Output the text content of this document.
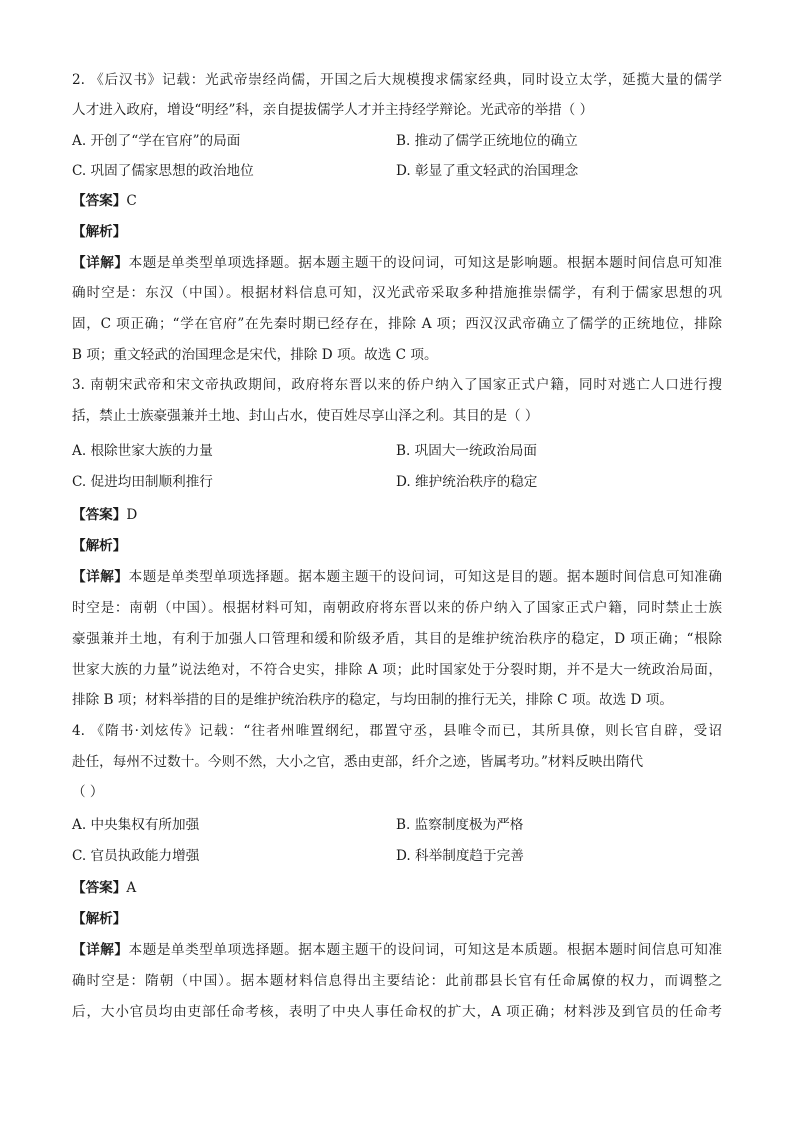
2. 《后汉书》记载：光武帝崇经尚儒，开国之后大规模搜求儒家经典，同时设立太学，延揽大量的儒学
人才进入政府，增设“明经”科，亲自提拔儒学人才并主持经学辩论。光武帝的举措（ ）
A. 开创了“学在官府”的局面	B. 推动了儒学正统地位的确立
C. 巩固了儒家思想的政治地位	D. 彰显了重文轻武的治国理念
【答案】C
【解析】
【详解】本题是单类型单项选择题。据本题主题干的设问词，可知这是影响题。根据本题时间信息可知准
确时空是：东汉（中国）。根据材料信息可知，汉光武帝采取多种措施推崇儒学，有利于儒家思想的巩
固，C 项正确；“学在官府”在先秦时期已经存在，排除 A 项；西汉汉武帝确立了儒学的正统地位，排除
B 项；重文轻武的治国理念是宋代，排除 D 项。故选 C 项。
3. 南朝宋武帝和宋文帝执政期间，政府将东晋以来的侨户纳入了国家正式户籍，同时对逃亡人口进行搜
括，禁止士族豪强兼并土地、封山占水，使百姓尽享山泽之利。其目的是（ ）
A. 根除世家大族的力量	B. 巩固大一统政治局面
C. 促进均田制顺利推行	D. 维护统治秩序的稳定
【答案】D
【解析】
【详解】本题是单类型单项选择题。据本题主题干的设问词，可知这是目的题。据本题时间信息可知准确
时空是：南朝（中国）。根据材料可知，南朝政府将东晋以来的侨户纳入了国家正式户籍，同时禁止士族
豪强兼并土地，有利于加强人口管理和缓和阶级矛盾，其目的是维护统治秩序的稳定，D 项正确；“根除
世家大族的力量”说法绝对，不符合史实，排除 A 项；此时国家处于分裂时期，并不是大一统政治局面，
排除 B 项；材料举措的目的是维护统治秩序的稳定，与均田制的推行无关，排除 C 项。故选 D 项。
4. 《隋书·刘炫传》记载：“往者州唯置纲纪，郡置守丞，县唯令而已，其所具僚，则长官自辟，受诏
赴任，每州不过数十。今则不然，大小之官，悉由吏部，纤介之迹，皆属考功。”材料反映出隋代
（ ）
A. 中央集权有所加强	B. 监察制度极为严格
C. 官员执政能力增强	D. 科举制度趋于完善
【答案】A
【解析】
【详解】本题是单类型单项选择题。据本题主题干的设问词，可知这是本质题。根据本题时间信息可知准
确时空是：隋朝（中国）。据本题材料信息得出主要结论：此前郡县长官有任命属僚的权力，而调整之
后，大小官员均由吏部任命考核，表明了中央人事任命权的扩大，A 项正确；材料涉及到官员的任命考
